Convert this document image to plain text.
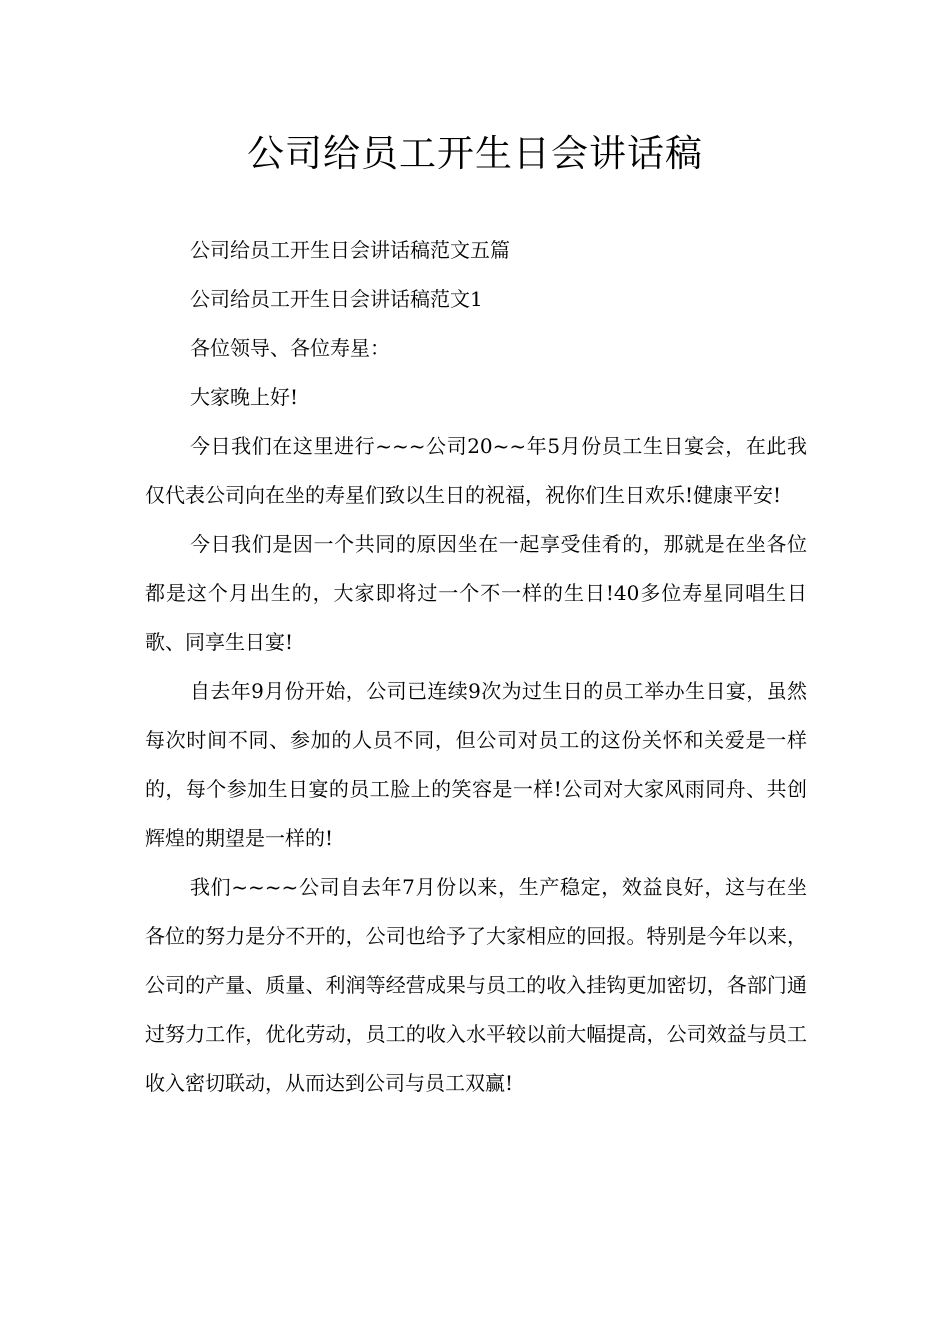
公司给员工开生日会讲话稿

公司给员工开生日会讲话稿范文五篇

公司给员工开生日会讲话稿范文1

各位领导、各位寿星：

大家晚上好!

今日我们在这里进行~~~公司20~~年5月份员工生日宴会，在此我仅代表公司向在坐的寿星们致以生日的祝福，祝你们生日欢乐!健康平安!

今日我们是因一个共同的原因坐在一起享受佳肴的，那就是在坐各位都是这个月出生的，大家即将过一个不一样的生日!40多位寿星同唱生日歌、同享生日宴!

自去年9月份开始，公司已连续9次为过生日的员工举办生日宴，虽然每次时间不同、参加的人员不同，但公司对员工的这份关怀和关爱是一样的，每个参加生日宴的员工脸上的笑容是一样!公司对大家风雨同舟、共创辉煌的期望是一样的!

我们~~~~公司自去年7月份以来，生产稳定，效益良好，这与在坐各位的努力是分不开的，公司也给予了大家相应的回报。特别是今年以来，公司的产量、质量、利润等经营成果与员工的收入挂钩更加密切，各部门通过努力工作，优化劳动，员工的收入水平较以前大幅提高，公司效益与员工收入密切联动，从而达到公司与员工双赢!
